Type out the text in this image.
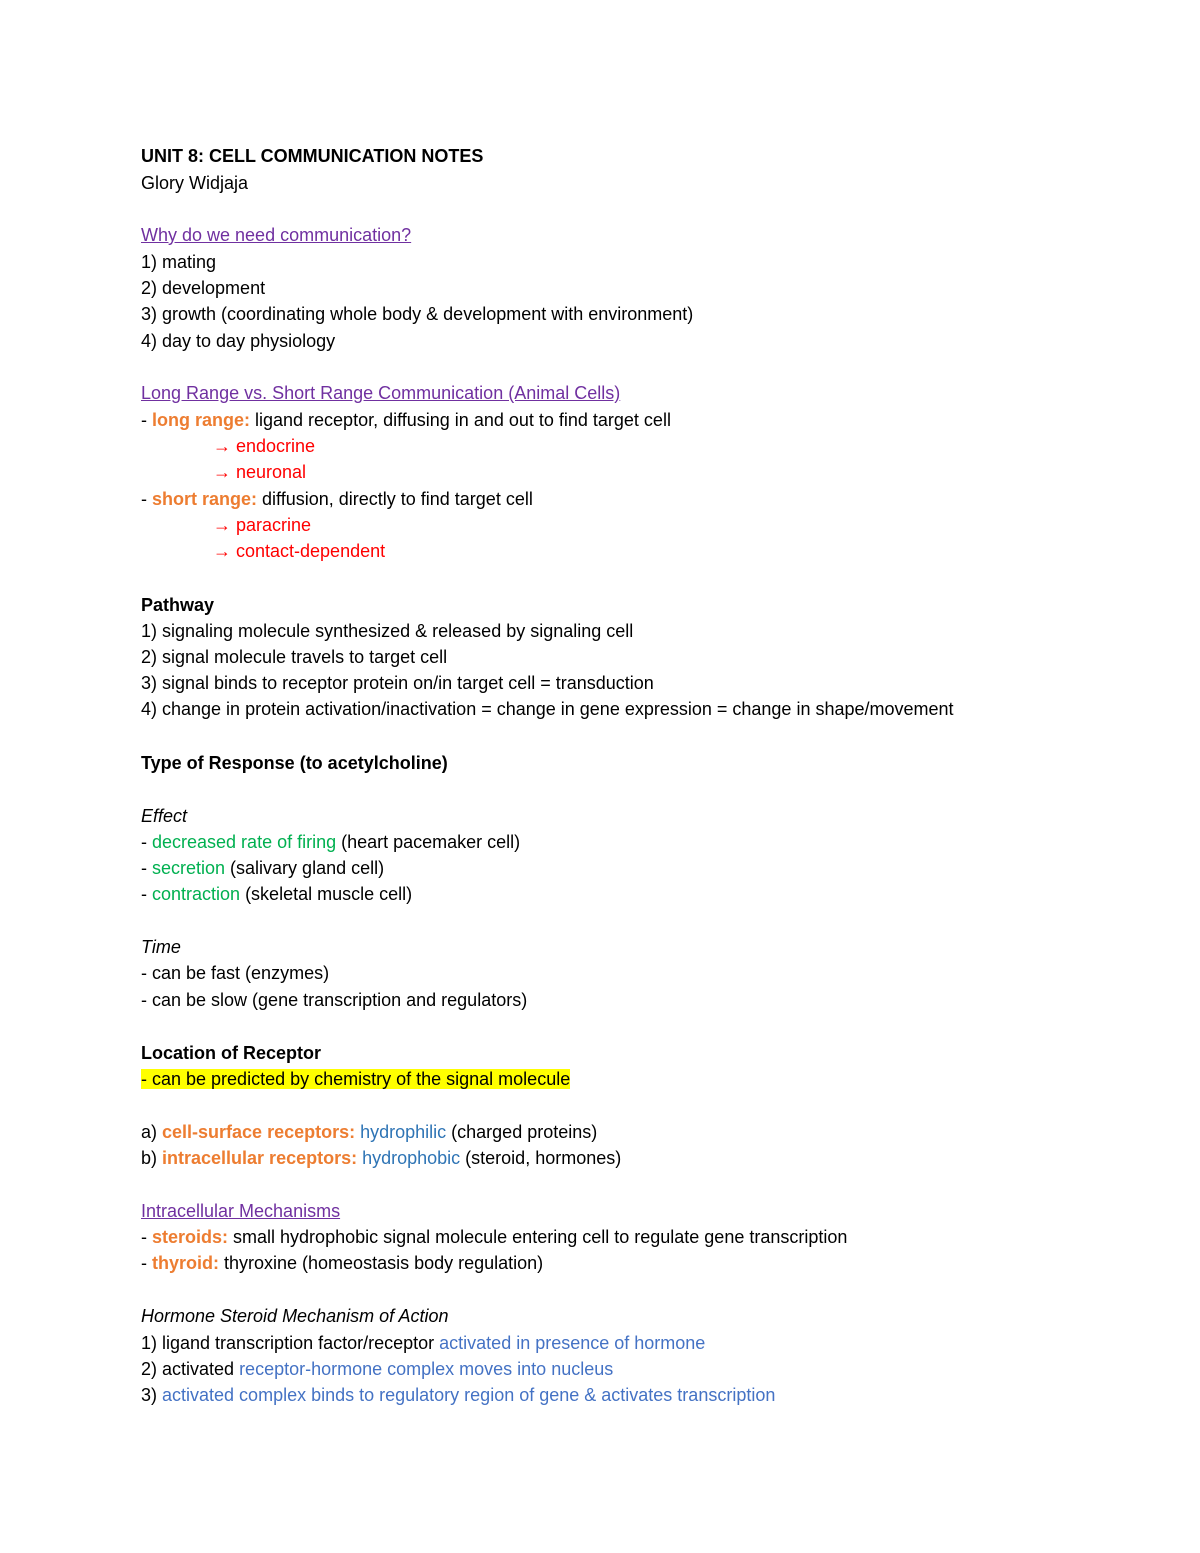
UNIT 8: CELL COMMUNICATION NOTES
Glory Widjaja
Why do we need communication?
1) mating
2) development
3) growth (coordinating whole body & development with environment)
4) day to day physiology
Long Range vs. Short Range Communication (Animal Cells)
- long range: ligand receptor, diffusing in and out to find target cell
→ endocrine
→ neuronal
- short range: diffusion, directly to find target cell
→ paracrine
→ contact-dependent
Pathway
1) signaling molecule synthesized & released by signaling cell
2) signal molecule travels to target cell
3) signal binds to receptor protein on/in target cell = transduction
4) change in protein activation/inactivation = change in gene expression = change in shape/movement
Type of Response (to acetylcholine)
Effect
- decreased rate of firing (heart pacemaker cell)
- secretion (salivary gland cell)
- contraction (skeletal muscle cell)
Time
- can be fast (enzymes)
- can be slow (gene transcription and regulators)
Location of Receptor
- can be predicted by chemistry of the signal molecule
a) cell-surface receptors: hydrophilic (charged proteins)
b) intracellular receptors: hydrophobic (steroid, hormones)
Intracellular Mechanisms
- steroids: small hydrophobic signal molecule entering cell to regulate gene transcription
- thyroid: thyroxine (homeostasis body regulation)
Hormone Steroid Mechanism of Action
1) ligand transcription factor/receptor activated in presence of hormone
2) activated receptor-hormone complex moves into nucleus
3) activated complex binds to regulatory region of gene & activates transcription
